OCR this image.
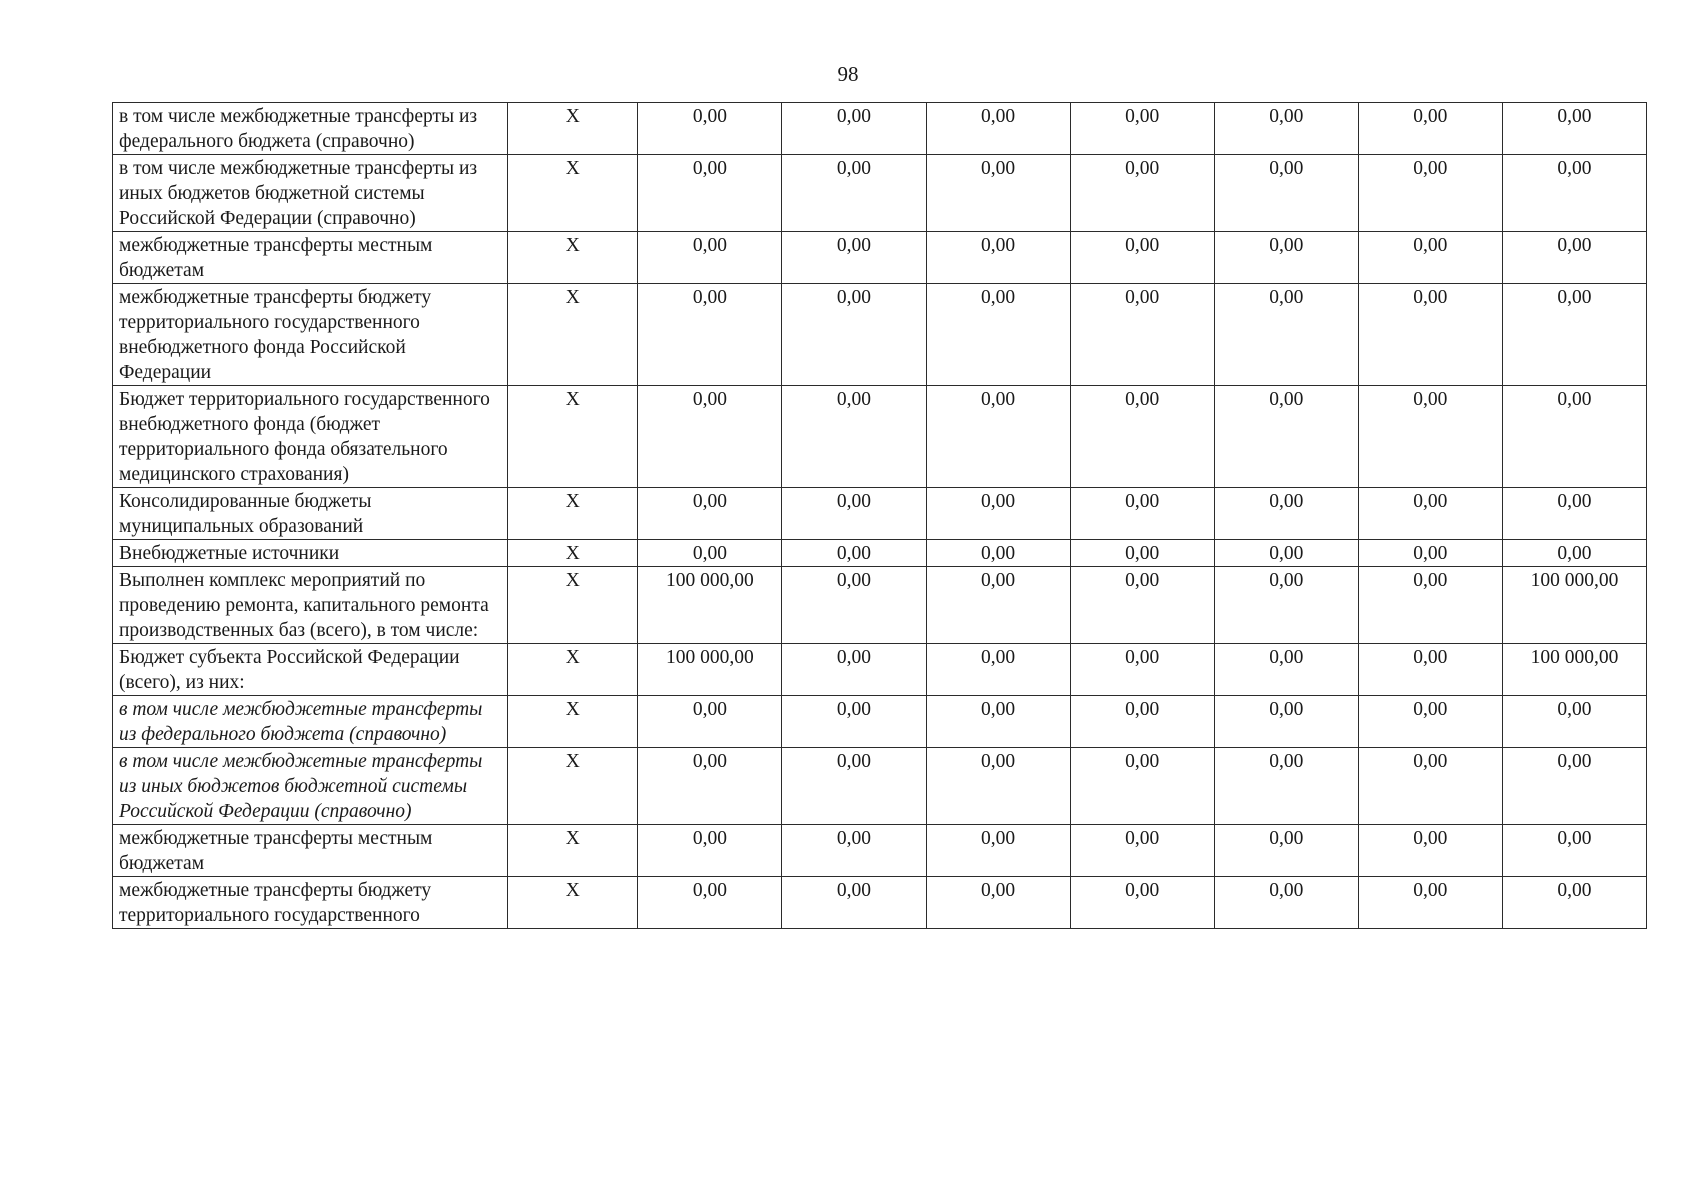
98
в том числе межбюджетные трансферты из федерального бюджета (справочно)	X	0,00	0,00	0,00	0,00	0,00	0,00	0,00
в том числе межбюджетные трансферты из иных бюджетов бюджетной системы Российской Федерации (справочно)	X	0,00	0,00	0,00	0,00	0,00	0,00	0,00
межбюджетные трансферты местным бюджетам	X	0,00	0,00	0,00	0,00	0,00	0,00	0,00
межбюджетные трансферты бюджету территориального государственного внебюджетного фонда Российской Федерации	X	0,00	0,00	0,00	0,00	0,00	0,00	0,00
Бюджет территориального государственного внебюджетного фонда (бюджет территориального фонда обязательного медицинского страхования)	X	0,00	0,00	0,00	0,00	0,00	0,00	0,00
Консолидированные бюджеты муниципальных образований	X	0,00	0,00	0,00	0,00	0,00	0,00	0,00
Внебюджетные источники	X	0,00	0,00	0,00	0,00	0,00	0,00	0,00
Выполнен комплекс мероприятий по проведению ремонта, капитального ремонта производственных баз (всего), в том числе:	X	100 000,00	0,00	0,00	0,00	0,00	0,00	100 000,00
Бюджет субъекта Российской Федерации (всего), из них:	X	100 000,00	0,00	0,00	0,00	0,00	0,00	100 000,00
в том числе межбюджетные трансферты из федерального бюджета (справочно)	X	0,00	0,00	0,00	0,00	0,00	0,00	0,00
в том числе межбюджетные трансферты из иных бюджетов бюджетной системы Российской Федерации (справочно)	X	0,00	0,00	0,00	0,00	0,00	0,00	0,00
межбюджетные трансферты местным бюджетам	X	0,00	0,00	0,00	0,00	0,00	0,00	0,00
межбюджетные трансферты бюджету территориального государственного	X	0,00	0,00	0,00	0,00	0,00	0,00	0,00
